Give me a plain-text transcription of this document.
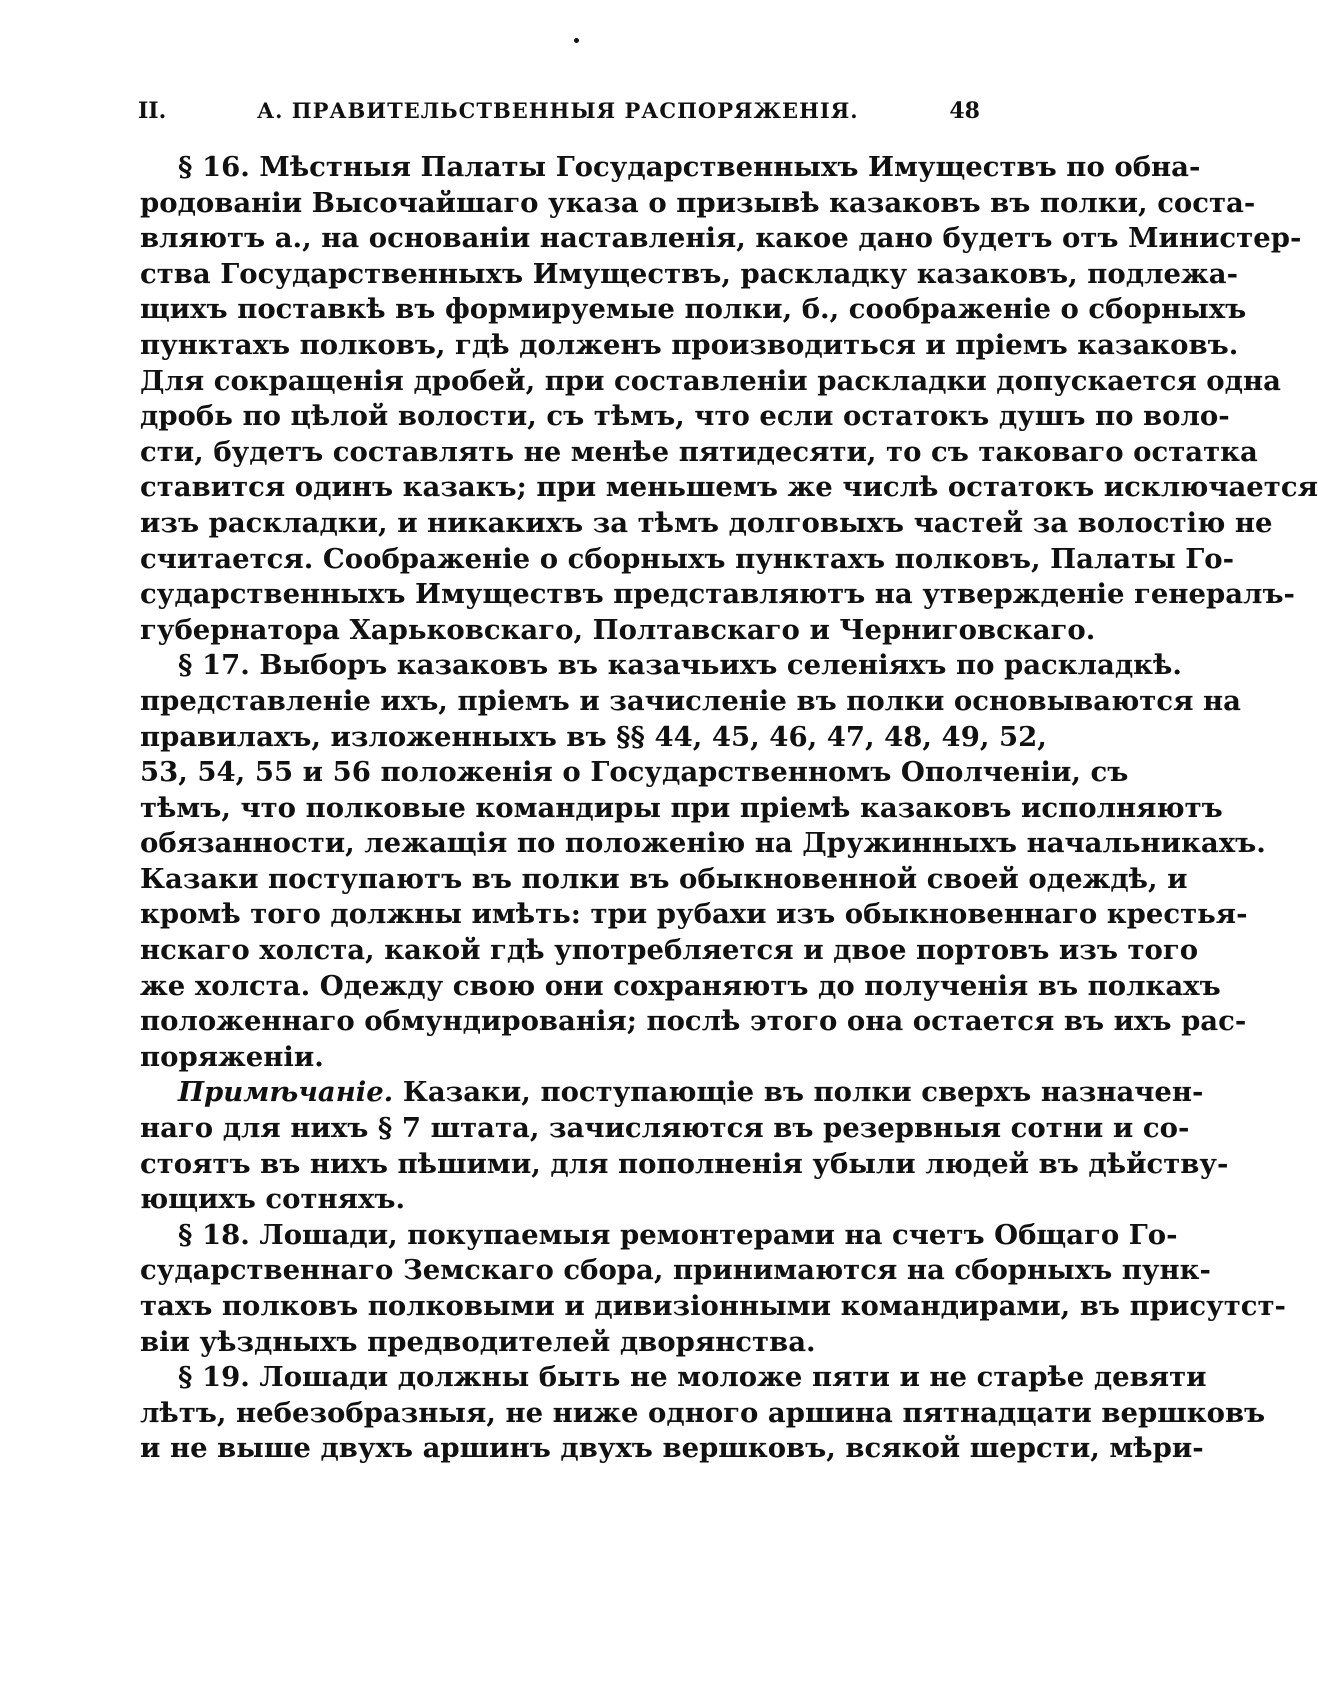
II.	А. ПРАВИТЕЛЬСТВЕННЫЯ РАСПОРЯЖЕНІЯ.	48
§ 16. Мѣстныя Палаты Государственныхъ Имуществъ по обна-
родованіи Высочайшаго указа о призывѣ казаковъ въ полки, соста-
вляютъ а., на основаніи наставленія, какое дано будетъ отъ Министер-
ства Государственныхъ Имуществъ, раскладку казаковъ, подлежа-
щихъ поставкѣ въ формируемые полки, б., соображеніе о сборныхъ
пунктахъ полковъ, гдѣ долженъ производиться и пріемъ казаковъ.
Для сокращенія дробей, при составленіи раскладки допускается одна
дробь по цѣлой волости, съ тѣмъ, что если остатокъ душъ по воло-
сти, будетъ составлять не менѣе пятидесяти, то съ таковаго остатка
ставится одинъ казакъ; при меньшемъ же числѣ остатокъ исключается
изъ раскладки, и никакихъ за тѣмъ долговыхъ частей за волостію не
считается. Соображеніе о сборныхъ пунктахъ полковъ, Палаты Го-
сударственныхъ Имуществъ представляютъ на утвержденіе генералъ-
губернатора Харьковскаго, Полтавскаго и Черниговскаго.
§ 17. Выборъ казаковъ въ казачьихъ селеніяхъ по раскладкѣ.
представленіе ихъ, пріемъ и зачисленіе въ полки основываются на
правилахъ, изложенныхъ въ §§ 44, 45, 46, 47, 48, 49, 52,
53, 54, 55 и 56 положенія о Государственномъ Ополченіи, съ
тѣмъ, что полковые командиры при пріемѣ казаковъ исполняютъ
обязанности, лежащія по положенію на Дружинныхъ начальникахъ.
Казаки поступаютъ въ полки въ обыкновенной своей одеждѣ, и
кромѣ того должны имѣть: три рубахи изъ обыкновеннаго крестья-
нскаго холста, какой гдѣ употребляется и двое портовъ изъ того
же холста. Одежду свою они сохраняютъ до полученія въ полкахъ
положеннаго обмундированія; послѣ этого она остается въ ихъ рас-
поряженіи.
Примѣчаніе. Казаки, поступающіе въ полки сверхъ назначен-
наго для нихъ § 7 штата, зачисляются въ резервныя сотни и со-
стоятъ въ нихъ пѣшими, для пополненія убыли людей въ дѣйству-
ющихъ сотняхъ.
§ 18. Лошади, покупаемыя ремонтерами на счетъ Общаго Го-
сударственнаго Земскаго сбора, принимаются на сборныхъ пунк-
тахъ полковъ полковыми и дивизіонными командирами, въ присутст-
віи уѣздныхъ предводителей дворянства.
§ 19. Лошади должны быть не моложе пяти и не старѣе девяти
лѣтъ, небезобразныя, не ниже одного аршина пятнадцати вершковъ
и не выше двухъ аршинъ двухъ вершковъ, всякой шерсти, мѣри-
